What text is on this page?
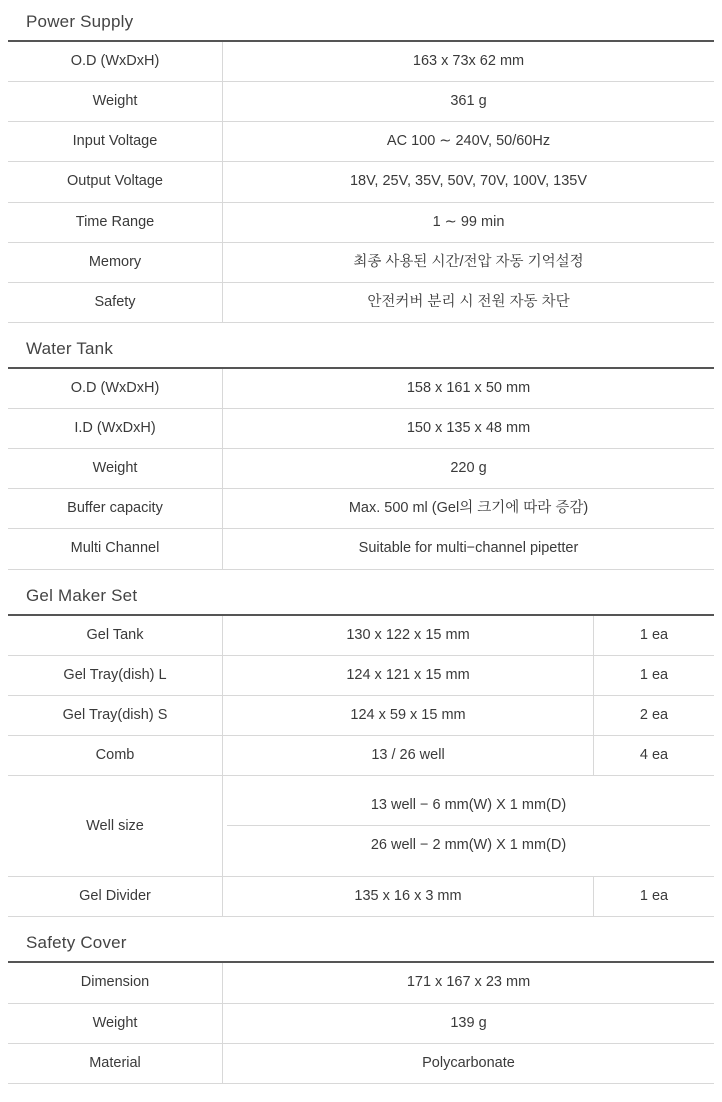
Power Supply
O.D (WxDxH)	163 x 73x 62 mm
Weight	361 g
Input Voltage	AC 100 ∼ 240V, 50/60Hz
Output Voltage	18V, 25V, 35V, 50V, 70V, 100V, 135V
Time Range	1 ∼ 99 min
Memory	최종 사용된 시간/전압 자동 기억설정
Safety	안전커버 분리 시 전원 자동 차단
Water Tank
O.D (WxDxH)	158 x 161 x 50 mm
I.D (WxDxH)	150 x 135 x 48 mm
Weight	220 g
Buffer capacity	Max. 500 ml (Gel의 크기에 따라 증감)
Multi Channel	Suitable for multi−channel pipetter
Gel Maker Set
Gel Tank	130 x 122 x 15 mm	1 ea
Gel Tray(dish) L	124 x 121 x 15 mm	1 ea
Gel Tray(dish) S	124 x 59 x 15 mm	2 ea
Comb	13 / 26 well	4 ea
Well size	13 well − 6 mm(W) X 1 mm(D)
26 well − 2 mm(W) X 1 mm(D)	

Gel Divider	135 x 16 x 3 mm	1 ea
Safety Cover
Dimension	171 x 167 x 23 mm
Weight	139 g
Material	Polycarbonate
